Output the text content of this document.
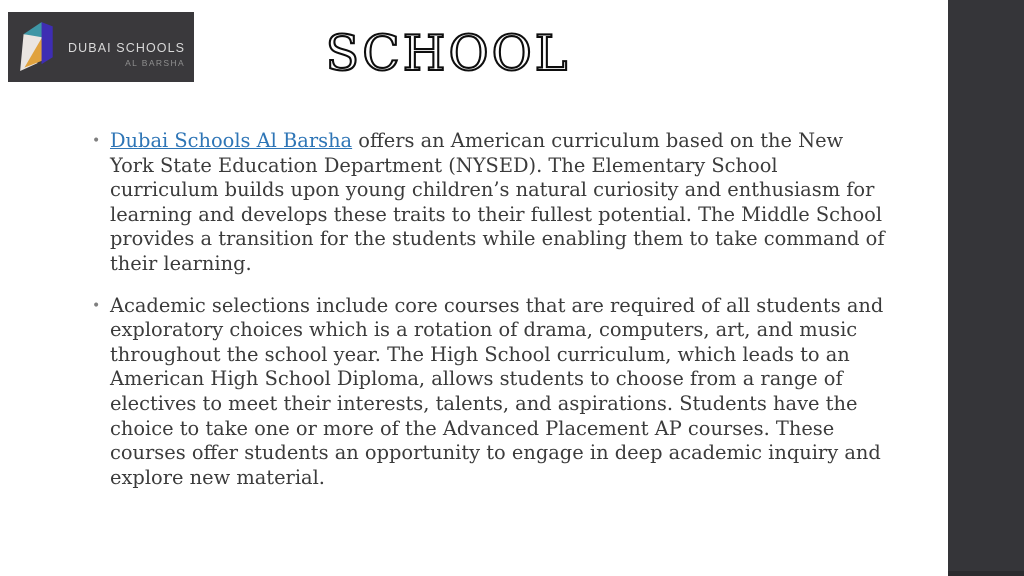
DUBAI SCHOOLS
AL BARSHA	SCHOOL
• Dubai Schools Al Barsha offers an American curriculum based on the New
York State Education Department (NYSED). The Elementary School
curriculum builds upon young children’s natural curiosity and enthusiasm for
learning and develops these traits to their fullest potential. The Middle School
provides a transition for the students while enabling them to take command of
their learning.

• Academic selections include core courses that are required of all students and
exploratory choices which is a rotation of drama, computers, art, and music
throughout the school year. The High School curriculum, which leads to an
American High School Diploma, allows students to choose from a range of
electives to meet their interests, talents, and aspirations. Students have the
choice to take one or more of the Advanced Placement AP courses. These
courses offer students an opportunity to engage in deep academic inquiry and
explore new material.
